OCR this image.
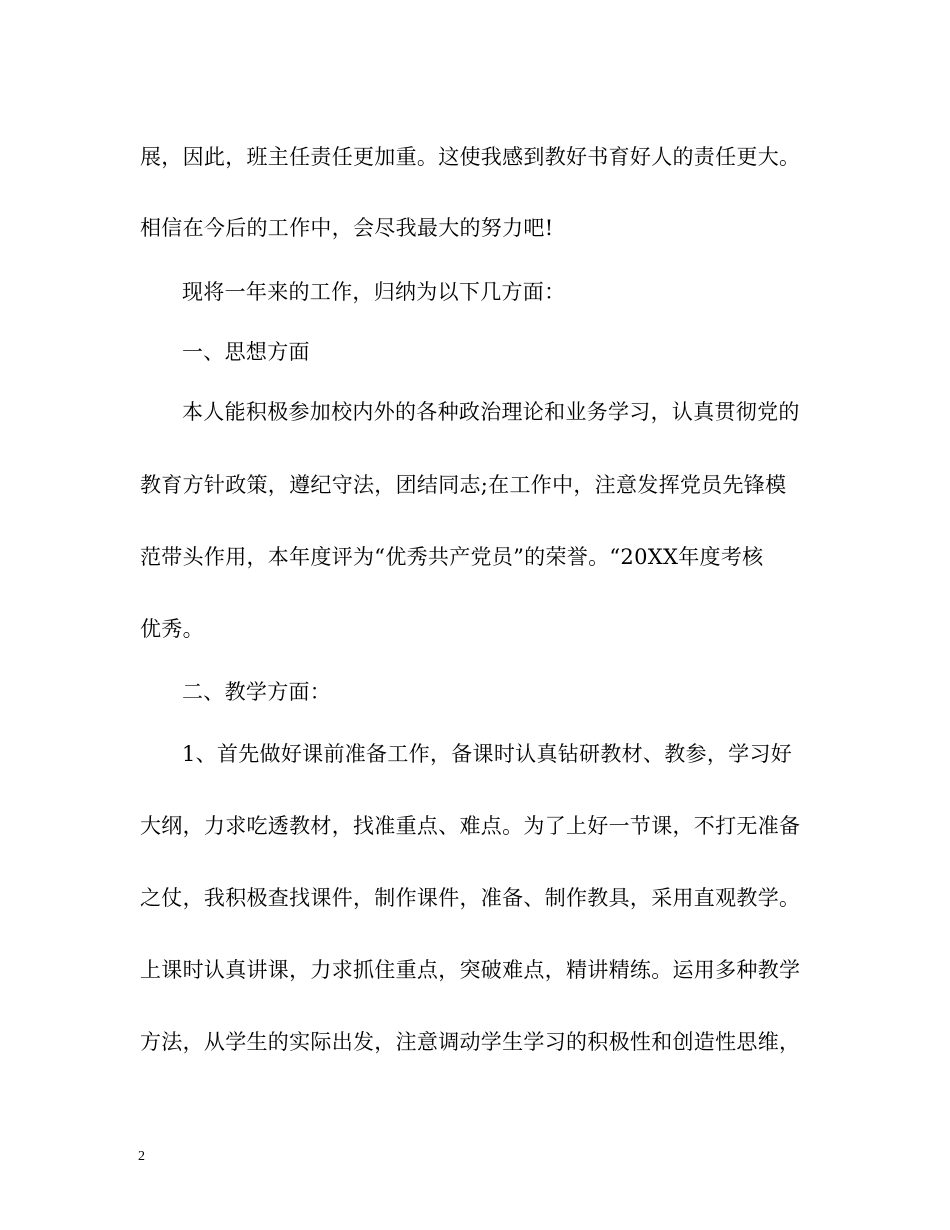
展，因此，班主任责任更加重。这使我感到教好书育好人的责任更大。
相信在今后的工作中，会尽我最大的努力吧!
现将一年来的工作，归纳为以下几方面：
一、思想方面
本人能积极参加校内外的各种政治理论和业务学习，认真贯彻党的
教育方针政策，遵纪守法，团结同志;在工作中，注意发挥党员先锋模
范带头作用，本年度评为“优秀共产党员”的荣誉。“20XX年度考核
优秀。
二、教学方面：
1、首先做好课前准备工作，备课时认真钻研教材、教参，学习好
大纲，力求吃透教材，找准重点、难点。为了上好一节课，不打无准备
之仗，我积极查找课件，制作课件，准备、制作教具，采用直观教学。
上课时认真讲课，力求抓住重点，突破难点，精讲精练。运用多种教学
方法，从学生的实际出发，注意调动学生学习的积极性和创造性思维，
2
